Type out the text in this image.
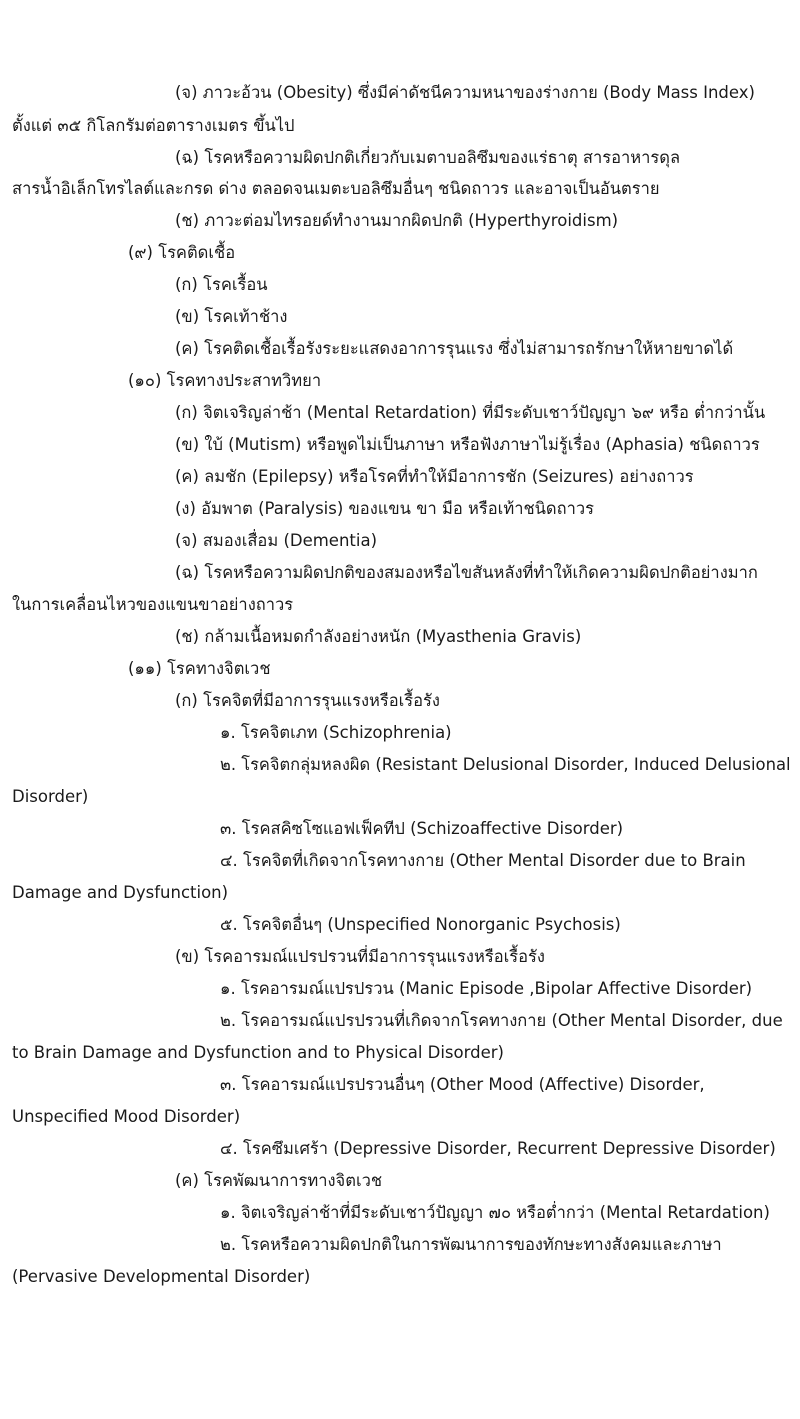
(จ) ภาวะอ้วน (Obesity) ซึ่งมีค่าดัชนีความหนาของร่างกาย (Body Mass Index)
ตั้งแต่ ๓๕ กิโลกรัมต่อตารางเมตร ขึ้นไป
(ฉ) โรคหรือความผิดปกติเกี่ยวกับเมตาบอลิซึมของแร่ธาตุ สารอาหารดุล
สารน้ำอิเล็กโทรไลต์และกรด ด่าง ตลอดจนเมตะบอลิซึมอื่นๆ ชนิดถาวร และอาจเป็นอันตราย
(ช) ภาวะต่อมไทรอยด์ทำงานมากผิดปกติ (Hyperthyroidism)
(๙) โรคติดเชื้อ
(ก) โรคเรื้อน
(ข) โรคเท้าช้าง
(ค) โรคติดเชื้อเรื้อรังระยะแสดงอาการรุนแรง ซึ่งไม่สามารถรักษาให้หายขาดได้
(๑๐) โรคทางประสาทวิทยา
(ก) จิตเจริญล่าช้า (Mental Retardation) ที่มีระดับเชาว์ปัญญา ๖๙ หรือ ต่ำกว่านั้น
(ข) ใบ้ (Mutism) หรือพูดไม่เป็นภาษา หรือฟังภาษาไม่รู้เรื่อง (Aphasia) ชนิดถาวร
(ค) ลมชัก (Epilepsy) หรือโรคที่ทำให้มีอาการชัก (Seizures) อย่างถาวร
(ง) อัมพาต (Paralysis) ของแขน ขา มือ หรือเท้าชนิดถาวร
(จ) สมองเสื่อม (Dementia)
(ฉ) โรคหรือความผิดปกติของสมองหรือไขสันหลังที่ทำให้เกิดความผิดปกติอย่างมาก
ในการเคลื่อนไหวของแขนขาอย่างถาวร
(ช) กล้ามเนื้อหมดกำลังอย่างหนัก (Myasthenia Gravis)
(๑๑) โรคทางจิตเวช
(ก) โรคจิตที่มีอาการรุนแรงหรือเรื้อรัง
๑. โรคจิตเภท (Schizophrenia)
๒. โรคจิตกลุ่มหลงผิด (Resistant Delusional Disorder, Induced Delusional
Disorder)
๓. โรคสคิซโซแอฟเฟ็คทีป (Schizoaffective Disorder)
๔. โรคจิตที่เกิดจากโรคทางกาย (Other Mental Disorder due to Brain
Damage and Dysfunction)
๕. โรคจิตอื่นๆ (Unspecified Nonorganic Psychosis)
(ข) โรคอารมณ์แปรปรวนที่มีอาการรุนแรงหรือเรื้อรัง
๑. โรคอารมณ์แปรปรวน (Manic Episode ,Bipolar Affective Disorder)
๒. โรคอารมณ์แปรปรวนที่เกิดจากโรคทางกาย (Other Mental Disorder, due
to Brain Damage and Dysfunction and to Physical Disorder)
๓. โรคอารมณ์แปรปรวนอื่นๆ (Other Mood (Affective) Disorder,
Unspecified Mood Disorder)
๔. โรคซึมเศร้า (Depressive Disorder, Recurrent Depressive Disorder)
(ค) โรคพัฒนาการทางจิตเวช
๑. จิตเจริญล่าช้าที่มีระดับเชาว์ปัญญา ๗๐ หรือต่ำกว่า (Mental Retardation)
๒. โรคหรือความผิดปกติในการพัฒนาการของทักษะทางสังคมและภาษา
(Pervasive Developmental Disorder)
